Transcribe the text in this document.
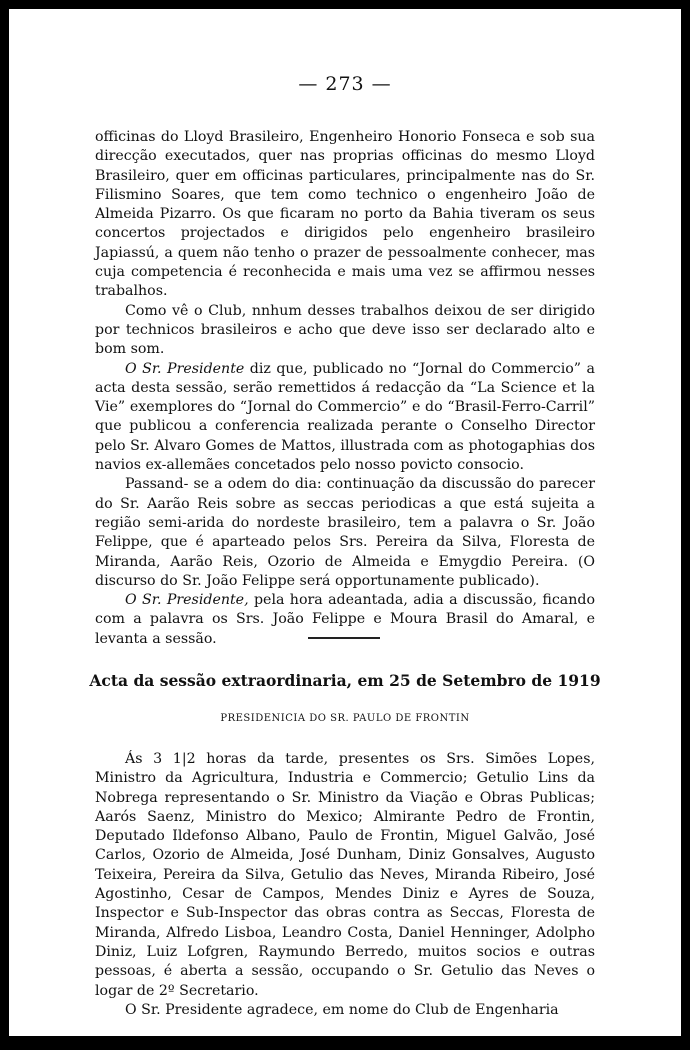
— 273 —

officinas do Lloyd Brasileiro, Engenheiro Honorio Fonseca e sob sua direcção executados, quer nas proprias officinas do mesmo Lloyd Brasileiro, quer em officinas particulares, principalmente nas do Sr. Filismino Soares, que tem como technico o engenheiro João de Almeida Pizarro. Os que ficaram no porto da Bahia tiveram os seus concertos projectados e dirigidos pelo engenheiro brasileiro Japiassú, a quem não tenho o prazer de pessoalmente conhecer, mas cuja competencia é reconhecida e mais uma vez se affirmou nesses trabalhos.

Como vê o Club, nnhum desses trabalhos deixou de ser dirigido por technicos brasileiros e acho que deve isso ser declarado alto e bom som.

O Sr. Presidente diz que, publicado no “Jornal do Commercio” a acta desta sessão, serão remettidos á redacção da “La Science et la Vie” exemplores do “Jornal do Commercio” e do “Brasil-Ferro-Carril” que publicou a conferencia realizada perante o Conselho Director pelo Sr. Alvaro Gomes de Mattos, illustrada com as photogaphias dos navios ex-allemães concetados pelo nosso povicto consocio.

Passand- se a odem do dia: continuação da discussão do parecer do Sr. Aarão Reis sobre as seccas periodicas a que está sujeita a região semi-arida do nordeste brasileiro, tem a palavra o Sr. João Felippe, que é aparteado pelos Srs. Pereira da Silva, Floresta de Miranda, Aarão Reis, Ozorio de Almeida e Emygdio Pereira. (O discurso do Sr. João Felippe será opportunamente publicado).

O Sr. Presidente, pela hora adeantada, adia a discussão, ficando com a palavra os Srs. João Felippe e Moura Brasil do Amaral, e levanta a sessão.

Acta da sessão extraordinaria, em 25 de Setembro de 1919
PRESIDENICIA DO SR. PAULO DE FRONTIN

Ás 3 1|2 horas da tarde, presentes os Srs. Simões Lopes, Ministro da Agricultura, Industria e Commercio; Getulio Lins da Nobrega representando o Sr. Ministro da Viação e Obras Publicas; Aarós Saenz, Ministro do Mexico; Almirante Pedro de Frontin, Deputado Ildefonso Albano, Paulo de Frontin, Miguel Galvão, José Carlos, Ozorio de Almeida, José Dunham, Diniz Gonsalves, Augusto Teixeira, Pereira da Silva, Getulio das Neves, Miranda Ribeiro, José Agostinho, Cesar de Campos, Mendes Diniz e Ayres de Souza, Inspector e Sub-Inspector das obras contra as Seccas, Floresta de Miranda, Alfredo Lisboa, Leandro Costa, Daniel Henninger, Adolpho Diniz, Luiz Lofgren, Raymundo Berredo, muitos socios e outras pessoas, é aberta a sessão, occupando o Sr. Getulio das Neves o logar de 2º Secretario.

O Sr. Presidente agradece, em nome do Club de Engenharia
